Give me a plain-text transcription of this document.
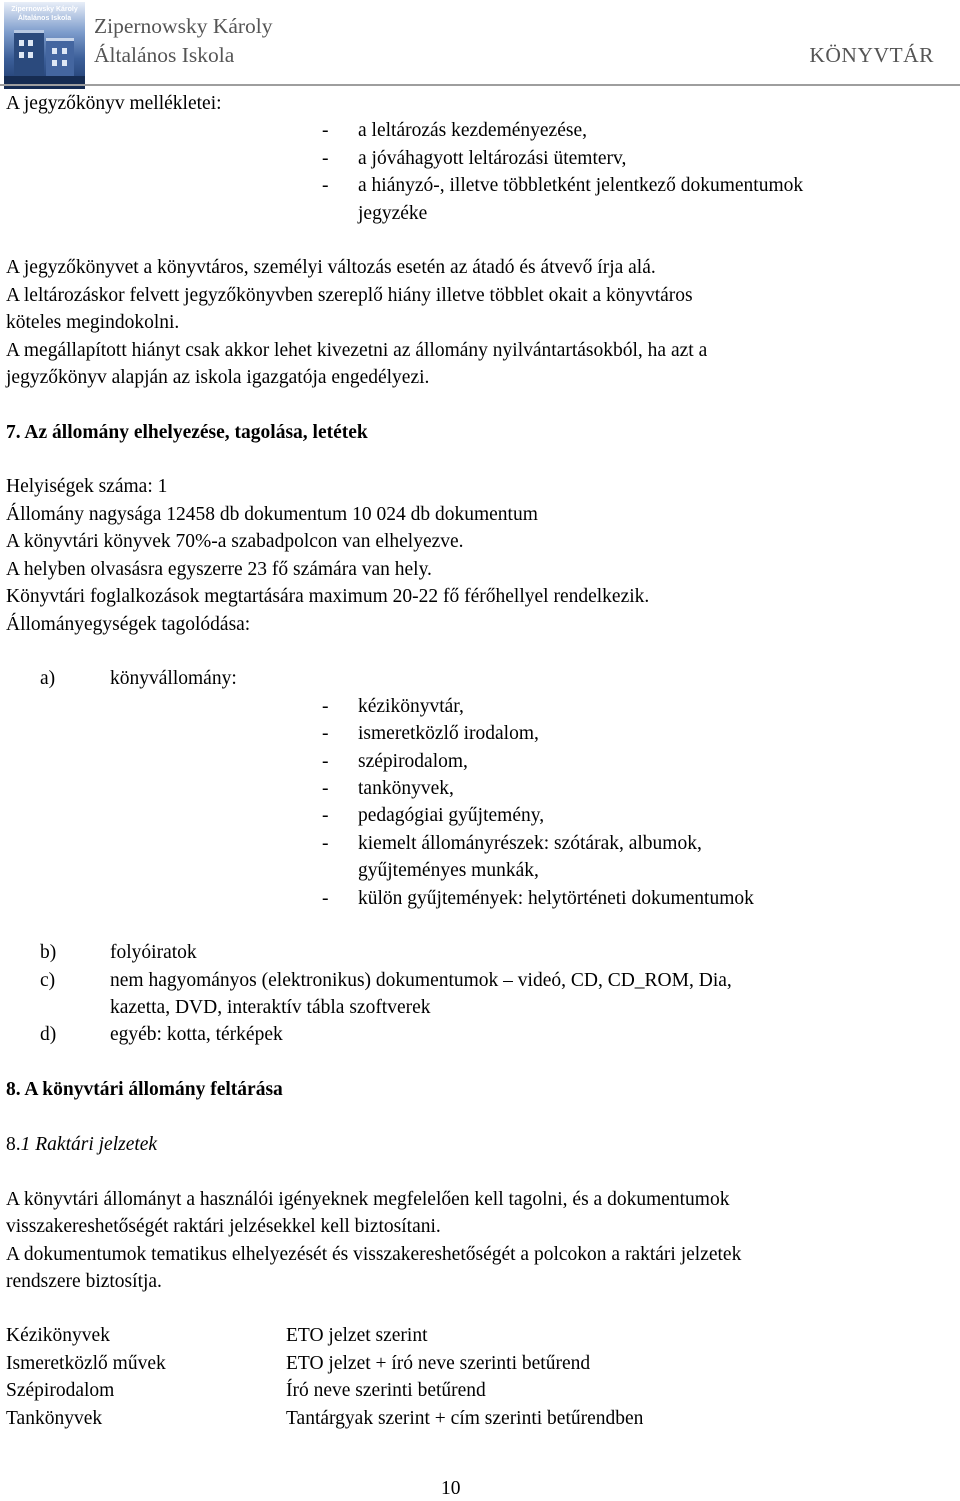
Zipernowsky Károly
Általános Iskola	Zipernowsky Károly
Általános Iskola	KÖNYVTÁR
A jegyzőkönyv mellékletei:
- a leltározás kezdeményezése,
- a jóváhagyott leltározási ütemterv,
- a hiányzó-, illetve többletként jelentkező dokumentumok
jegyzéke
A jegyzőkönyvet a könyvtáros, személyi változás esetén az átadó és átvevő írja alá.
A leltározáskor felvett jegyzőkönyvben szereplő hiány illetve többlet okait a könyvtáros
köteles megindokolni.
A megállapított hiányt csak akkor lehet kivezetni az állomány nyilvántartásokból, ha azt a
jegyzőkönyv alapján az iskola igazgatója engedélyezi.
7. Az állomány elhelyezése, tagolása, letétek
Helyiségek száma: 1
Állomány nagysága 12458 db dokumentum 10 024 db dokumentum
A könyvtári könyvek 70%-a szabadpolcon van elhelyezve.
A helyben olvasásra egyszerre 23 fő számára van hely.
Könyvtári foglalkozások megtartására maximum 20-22 fő férőhellyel rendelkezik.
Állományegységek tagolódása:
a)	könyvállomány:
- kézikönyvtár,
- ismeretközlő irodalom,
- szépirodalom,
- tankönyvek,
- pedagógiai gyűjtemény,
- kiemelt állományrészek: szótárak, albumok,
gyűjteményes munkák,
- külön gyűjtemények: helytörténeti dokumentumok
b)	folyóiratok
c)	nem hagyományos (elektronikus) dokumentumok – videó, CD, CD_ROM, Dia,
kazetta, DVD, interaktív tábla szoftverek
d)	egyéb: kotta, térképek
8. A könyvtári állomány feltárása
8.1 Raktári jelzetek
A könyvtári állományt a használói igényeknek megfelelően kell tagolni, és a dokumentumok
visszakereshetőségét raktári jelzésekkel kell biztosítani.
A dokumentumok tematikus elhelyezését és visszakereshetőségét a polcokon a raktári jelzetek
rendszere biztosítja.
Kézikönyvek	ETO jelzet szerint
Ismeretközlő művek	ETO jelzet + író neve szerinti betűrend
Szépirodalom	Író neve szerinti betűrend
Tankönyvek	Tantárgyak szerint + cím szerinti betűrendben
10
